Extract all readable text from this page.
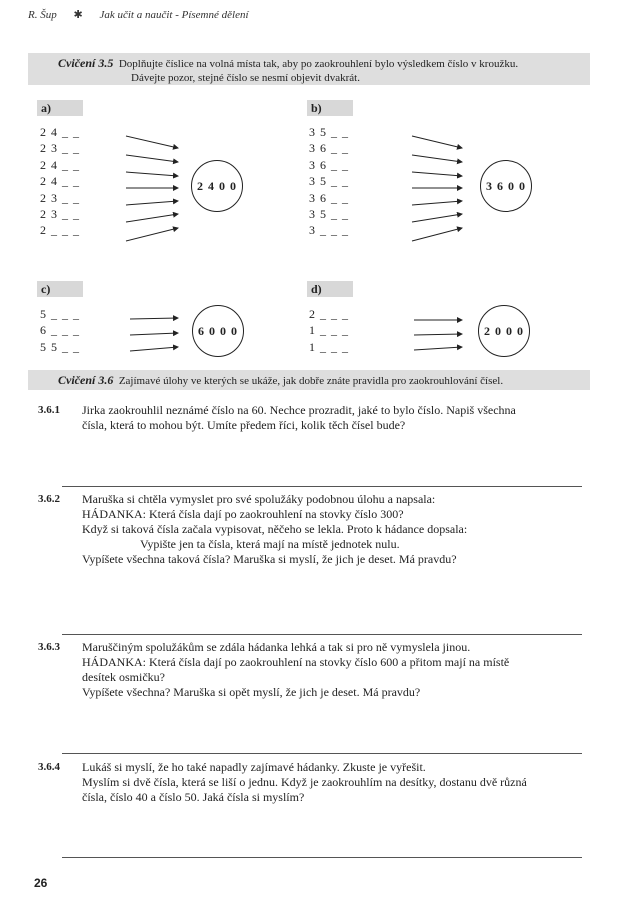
R. Šup ✱ Jak učit a naučit - Písemné dělení
Cvičení 3.5 Doplňujte číslice na volná místa tak, aby po zaokrouhlení bylo výsledkem číslo v kroužku.
Dávejte pozor, stejné číslo se nesmí objevit dvakrát.
a)
2 4 _ _
2 3 _ _
2 4 _ _
2 4 _ _
2 3 _ _
2 3 _ _
2 _ _ _
2 4 0 0
b)
3 5 _ _
3 6 _ _
3 6 _ _
3 5 _ _
3 6 _ _
3 5 _ _
3 _ _ _
3 6 0 0
c)
5 _ _ _
6 _ _ _
5 5 _ _
6 0 0 0
d)
2 _ _ _
1 _ _ _
1 _ _ _
2 0 0 0
Cvičení 3.6 Zajímavé úlohy ve kterých se ukáže, jak dobře znáte pravidla pro zaokrouhlování čísel.
3.6.1 Jirka zaokrouhlil neznámé číslo na 60. Nechce prozradit, jaké to bylo číslo. Napiš všechna
čísla, která to mohou být. Umíte předem říci, kolik těch čísel bude?
3.6.2 Maruška si chtěla vymyslet pro své spolužáky podobnou úlohu a napsala:
HÁDANKA: Která čísla dají po zaokrouhlení na stovky číslo 300?
Když si taková čísla začala vypisovat, něčeho se lekla. Proto k hádance dopsala:
Vypište jen ta čísla, která mají na místě jednotek nulu.
Vypíšete všechna taková čísla? Maruška si myslí, že jich je deset. Má pravdu?
3.6.3 Maruščiným spolužákům se zdála hádanka lehká a tak si pro ně vymyslela jinou.
HÁDANKA: Která čísla dají po zaokrouhlení na stovky číslo 600 a přitom mají na místě
desítek osmičku?
Vypíšete všechna? Maruška si opět myslí, že jich je deset. Má pravdu?
3.6.4 Lukáš si myslí, že ho také napadly zajímavé hádanky. Zkuste je vyřešit.
Myslím si dvě čísla, která se liší o jednu. Když je zaokrouhlím na desítky, dostanu dvě různá
čísla, číslo 40 a číslo 50. Jaká čísla si myslím?
26
